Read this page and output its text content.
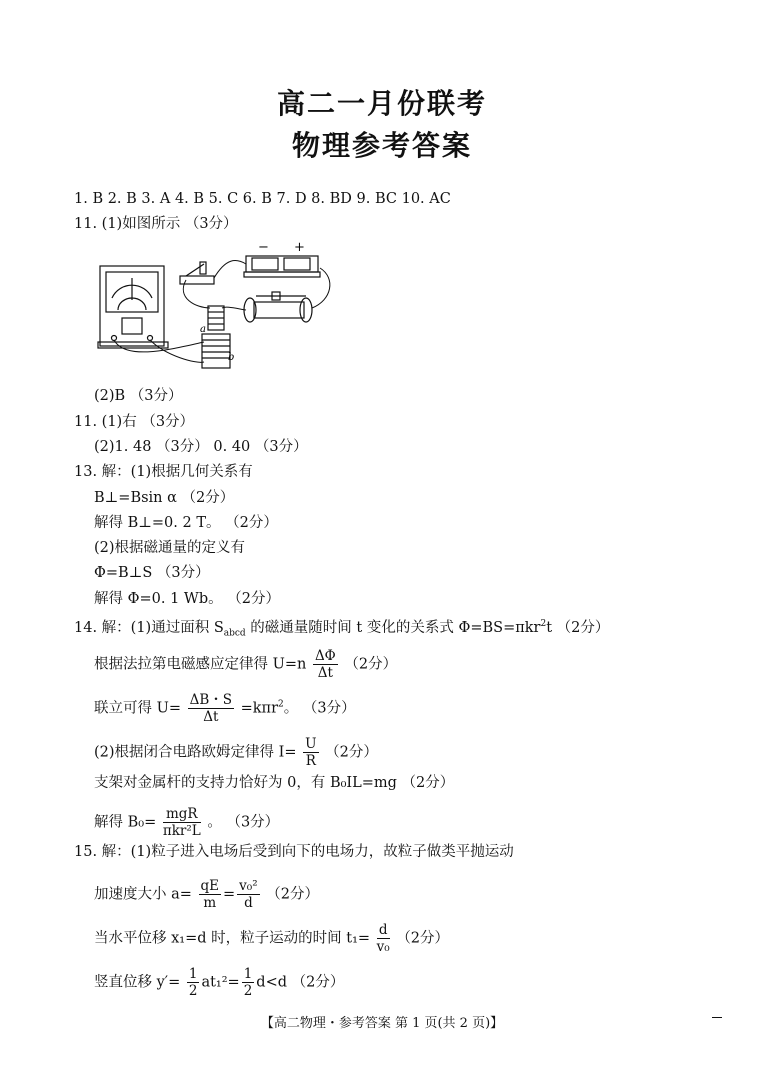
高二一月份联考
物理参考答案
1. B 2. B 3. A 4. B 5. C 6. B 7. D 8. BD 9. BC 10. AC
11. (1)如图所示 （3分）
− +
a
b
(2)B （3分）
11. (1)右 （3分）
(2)1. 48 （3分） 0. 40 （3分）
13. 解：(1)根据几何关系有
B⊥=Bsin α （2分）
解得 B⊥=0. 2 T。 （2分）
(2)根据磁通量的定义有
Φ=B⊥S （3分）
解得 Φ=0. 1 Wb。 （2分）
14. 解：(1)通过面积 $S_{abcd}$ 的磁通量随时间 t 变化的关系式 Φ=BS=πkr$^2$t （2分）
根据法拉第电磁感应定律得 $U=n \frac{\Delta\Phi}{\Delta t} (2$分）
联立可得 $U= \frac{\Delta B・S}{\Delta t} =k\pi r^2$。 （3分）
(2)根据闭合电路欧姆定律得 $I= \frac{U}{R} (2$分）
支架对金属杆的支持力恰好为 0，有 B₀IL=mg （2分）
解得 $B_0= \frac{\text{mgR}}{\text{πkr²L}}$ 。 （3分）
15. 解：(1)粒子进入电场后受到向下的电场力，故粒子做类平抛运动
加速度大小 $a= \frac{qE}{m} = \frac{\text{v₀²}}{d} (2$分）
当水平位移 x₁=d 时，粒子运动的时间 $t_1= \frac{d}{\text{v₀}} (2$分）
竖直位移 $y'= \frac{1}{2} at_1^2= \frac{1}{2} d<d$ （2分）
【高二物理・参考答案 第 1 页(共 2 页)】
